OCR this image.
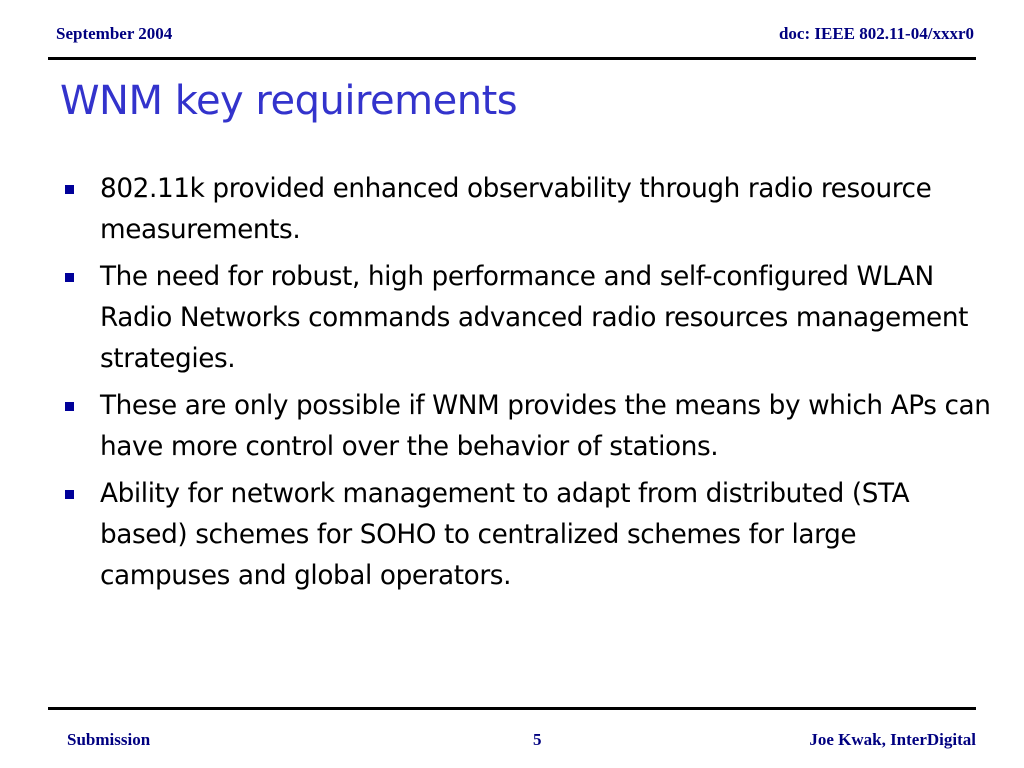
September 2004	doc: IEEE 802.11-04/xxxr0
WNM key requirements
802.11k provided enhanced observability through radio resource measurements.
The need for robust, high performance and self-configured WLAN Radio Networks commands advanced radio resources management strategies.
These are only possible if WNM provides the means by which APs can have more control over the behavior of stations.
Ability for network management to adapt from distributed (STA based) schemes for SOHO to centralized schemes for large campuses and global operators.
Submission	5	Joe Kwak, InterDigital
